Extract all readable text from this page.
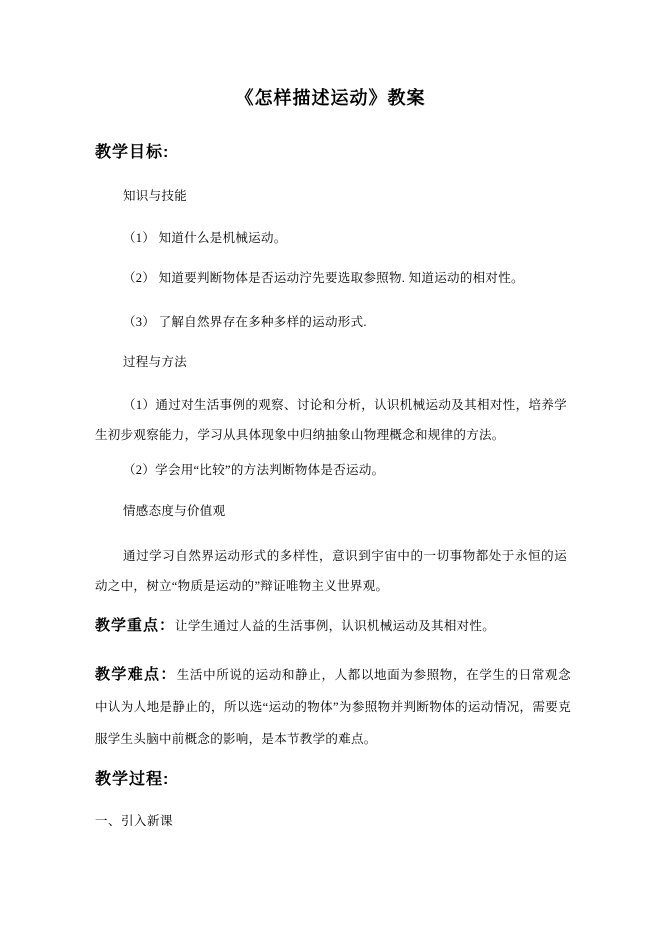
《怎样描述运动》教案
教学目标:
知识与技能
（1） 知道什么是机械运动。
（2） 知道要判断物体是否运动泞先要选取参照物. 知道运动的相对性。
（3） 了解自然界存在多种多样的运动形式.
过程与方法
（1）通过对生活事例的观察、讨论和分析，认识机械运动及其相对性，培养学生初步观察能力，学习从具体现象中归纳抽象山物理概念和规律的方法。
（2）学会用“比较”的方法判断物体是否运动。
情感态度与价值观
通过学习自然界运动形式的多样性，意识到宇宙中的一切事物都处于永恒的运动之中，树立“物质是运动的”辩证唯物主义世界观。
教学重点：让学生通过人益的生活事例，认识机械运动及其相对性。
教学难点：生活中所说的运动和静止，人都以地面为参照物，在学生的日常观念中认为人地是静止的，所以选“运动的物体”为参照物并判断物体的运动情况，需要克服学生头脑中前概念的影响，是本节教学的难点。
教学过程:
一、引入新课
